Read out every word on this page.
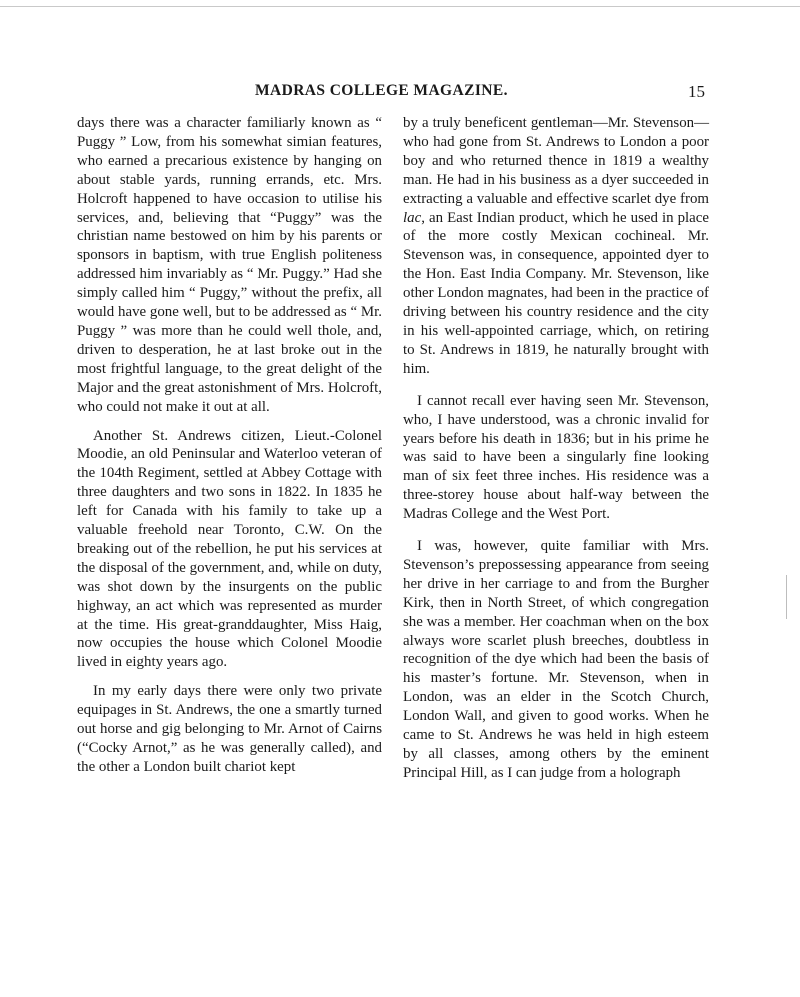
MADRAS COLLEGE MAGAZINE.	15

days there was a character familiarly known as “ Puggy ” Low, from his somewhat simian features, who earned a precarious existence by hanging on about stable yards, running errands, etc. Mrs. Holcroft happened to have occasion to utilise his services, and, believing that “Puggy” was the christian name bestowed on him by his parents or sponsors in baptism, with true English politeness addressed him invariably as “ Mr. Puggy.” Had she simply called him “ Puggy,” without the prefix, all would have gone well, but to be addressed as “ Mr. Puggy ” was more than he could well thole, and, driven to desperation, he at last broke out in the most frightful language, to the great delight of the Major and the great astonishment of Mrs. Holcroft, who could not make it out at all.

Another St. Andrews citizen, Lieut.-Colonel Moodie, an old Peninsular and Waterloo veteran of the 104th Regiment, settled at Abbey Cottage with three daughters and two sons in 1822. In 1835 he left for Canada with his family to take up a valuable freehold near Toronto, C.W. On the breaking out of the rebellion, he put his services at the disposal of the government, and, while on duty, was shot down by the insurgents on the public highway, an act which was represented as murder at the time. His great-granddaughter, Miss Haig, now occupies the house which Colonel Moodie lived in eighty years ago.

In my early days there were only two private equipages in St. Andrews, the one a smartly turned out horse and gig belonging to Mr. Arnot of Cairns (“Cocky Arnot,” as he was generally called), and the other a London built chariot kept

by a truly beneficent gentleman—Mr. Stevenson—who had gone from St. Andrews to London a poor boy and who returned thence in 1819 a wealthy man. He had in his business as a dyer succeeded in extracting a valuable and effective scarlet dye from lac, an East Indian product, which he used in place of the more costly Mexican cochineal. Mr. Stevenson was, in consequence, appointed dyer to the Hon. East India Company. Mr. Stevenson, like other London magnates, had been in the practice of driving between his country residence and the city in his well-appointed carriage, which, on retiring to St. Andrews in 1819, he naturally brought with him.

I cannot recall ever having seen Mr. Stevenson, who, I have understood, was a chronic invalid for years before his death in 1836; but in his prime he was said to have been a singularly fine looking man of six feet three inches. His residence was a three-storey house about half-way between the Madras College and the West Port.

I was, however, quite familiar with Mrs. Stevenson’s prepossessing appearance from seeing her drive in her carriage to and from the Burgher Kirk, then in North Street, of which congregation she was a member. Her coachman when on the box always wore scarlet plush breeches, doubtless in recognition of the dye which had been the basis of his master’s fortune. Mr. Stevenson, when in London, was an elder in the Scotch Church, London Wall, and given to good works. When he came to St. Andrews he was held in high esteem by all classes, among others by the eminent Principal Hill, as I can judge from a holograph
